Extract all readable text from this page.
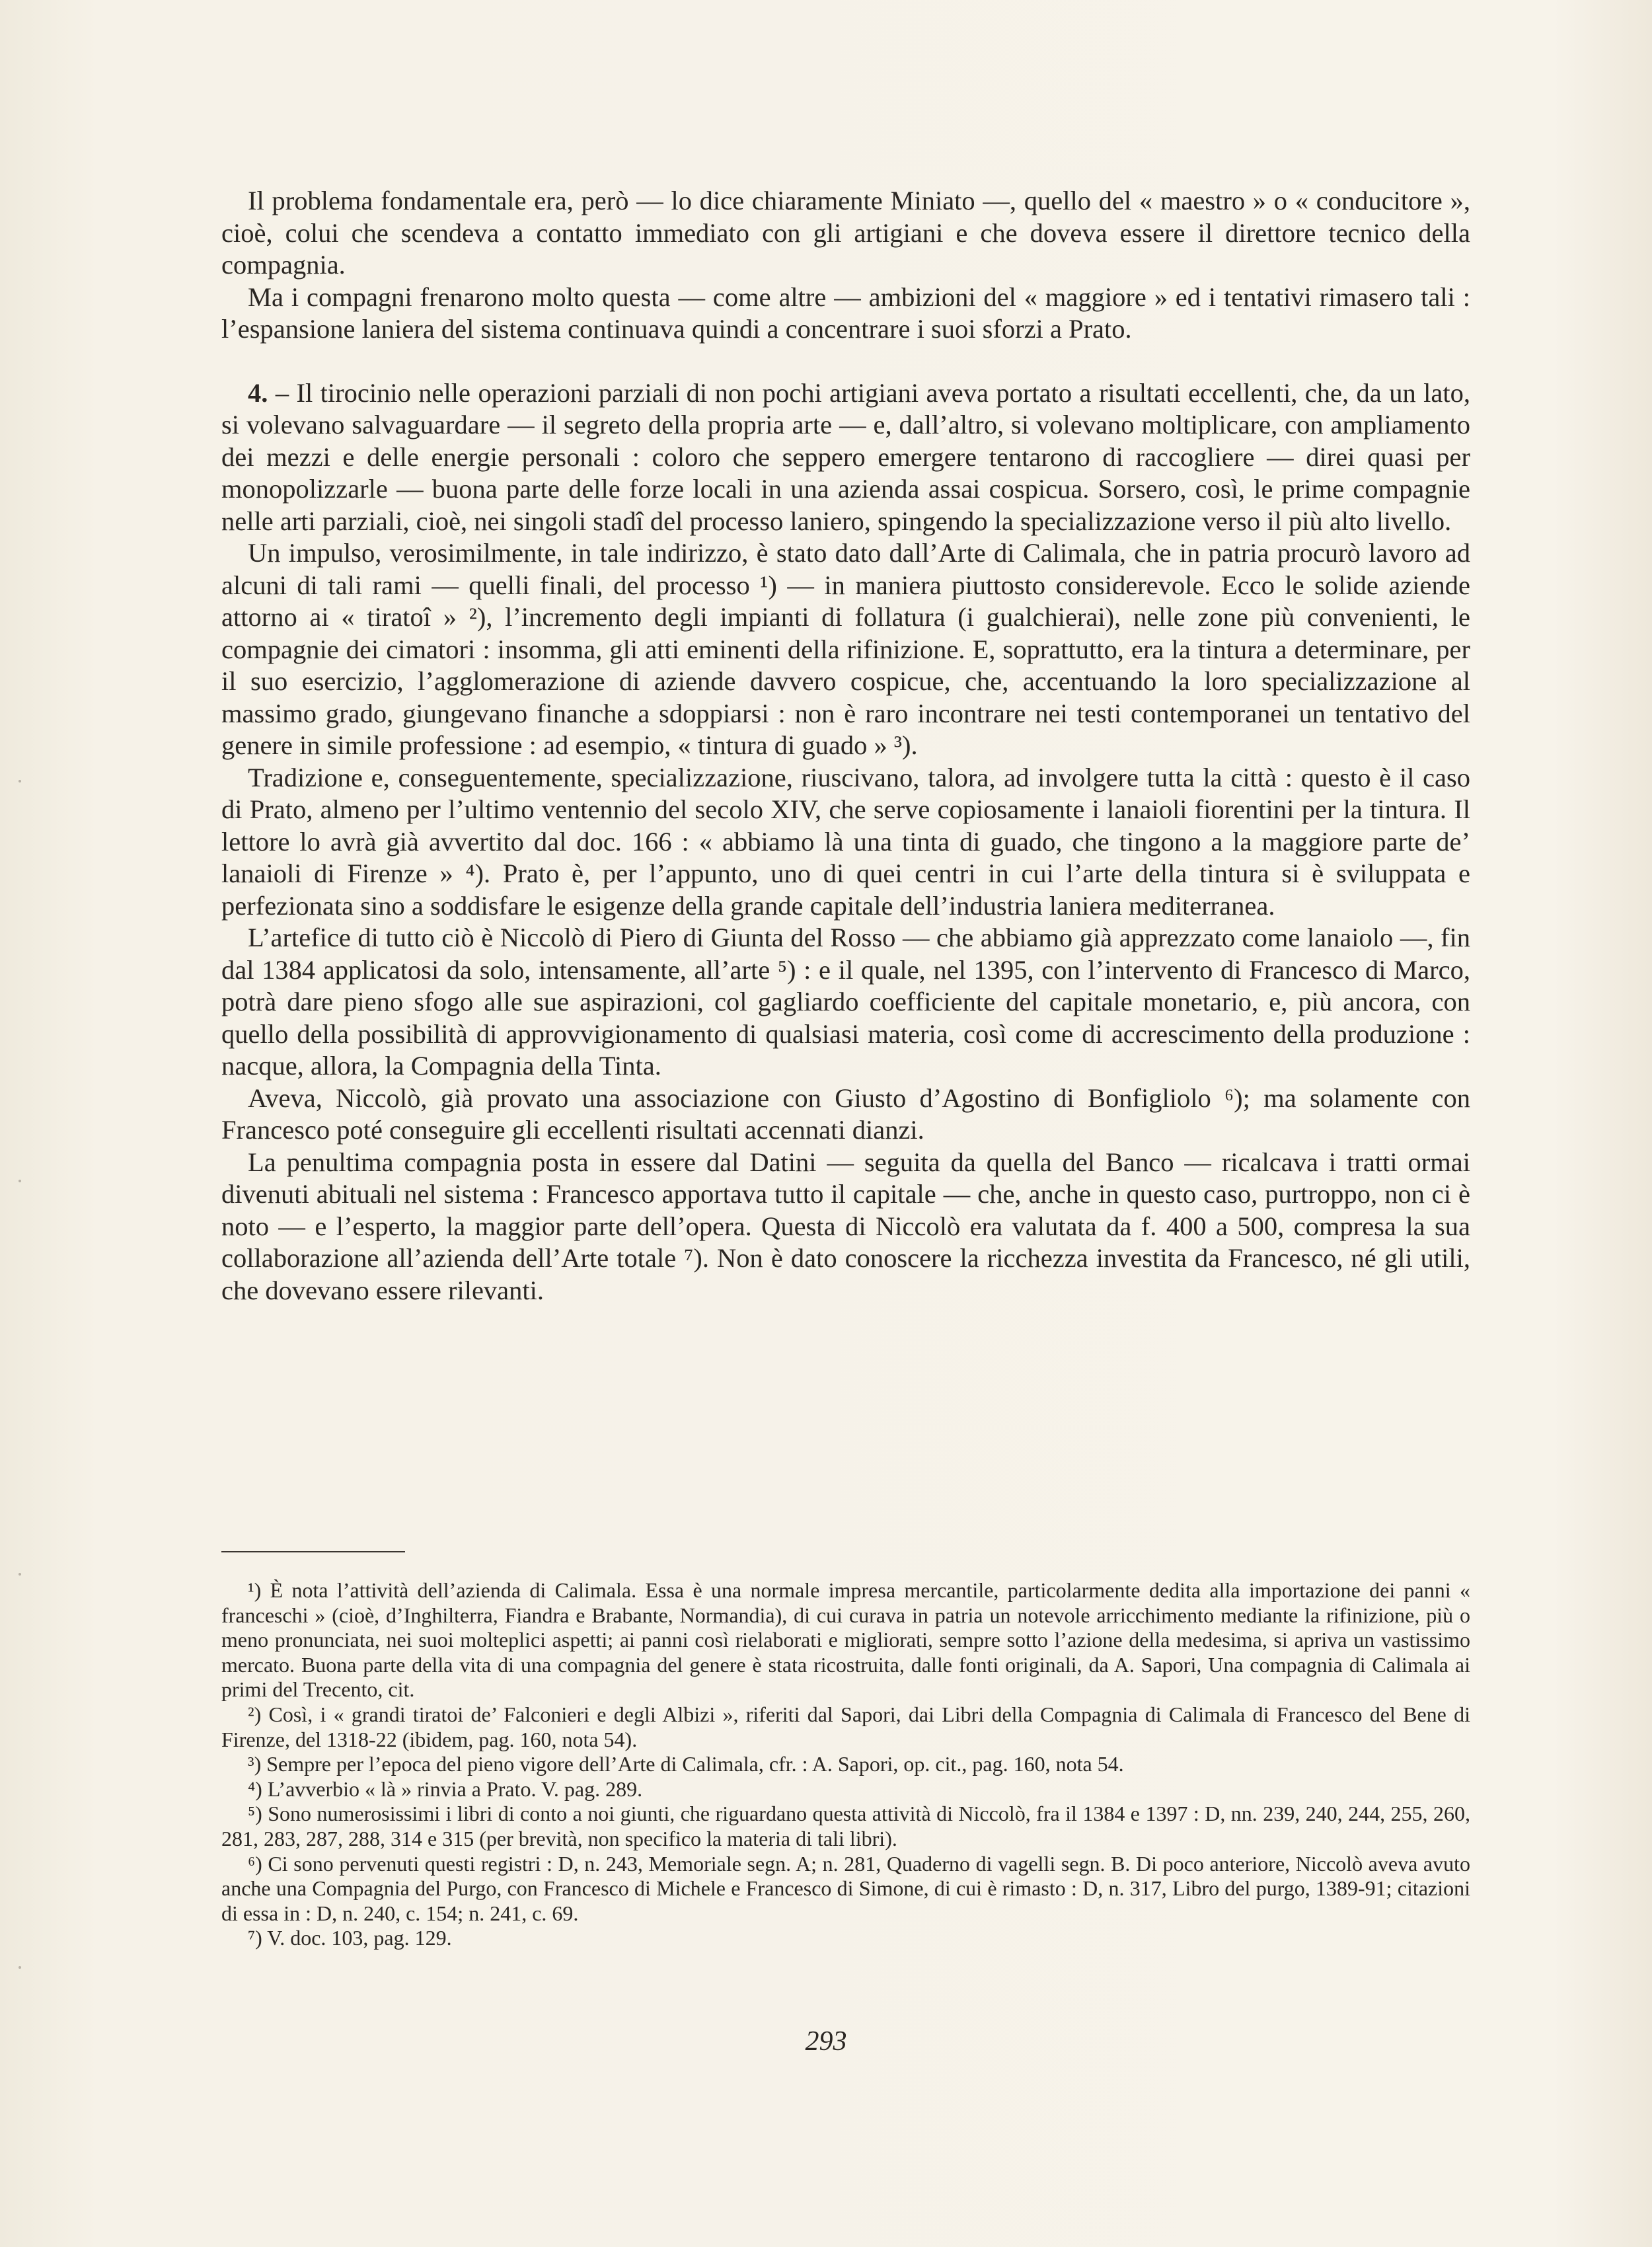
Il problema fondamentale era, però — lo dice chiaramente Miniato —, quello del « maestro » o « conducitore », cioè, colui che scendeva a contatto immediato con gli artigiani e che doveva essere il direttore tecnico della compagnia.

Ma i compagni frenarono molto questa — come altre — ambizioni del « maggiore » ed i tentativi rimasero tali : l’espansione laniera del sistema continuava quindi a concentrare i suoi sforzi a Prato.

4. – Il tirocinio nelle operazioni parziali di non pochi artigiani aveva portato a risultati eccellenti, che, da un lato, si volevano salvaguardare — il segreto della propria arte — e, dall’altro, si volevano moltiplicare, con ampliamento dei mezzi e delle energie personali : coloro che seppero emergere tentarono di raccogliere — direi quasi per monopolizzarle — buona parte delle forze locali in una azienda assai cospicua. Sorsero, così, le prime compagnie nelle arti parziali, cioè, nei singoli stadî del processo laniero, spingendo la specializzazione verso il più alto livello.

Un impulso, verosimilmente, in tale indirizzo, è stato dato dall’Arte di Calimala, che in patria procurò lavoro ad alcuni di tali rami — quelli finali, del processo ¹) — in maniera piuttosto considerevole. Ecco le solide aziende attorno ai « tiratoî » ²), l’incremento degli impianti di follatura (i gualchierai), nelle zone più convenienti, le compagnie dei cimatori : insomma, gli atti eminenti della rifinizione. E, soprattutto, era la tintura a determinare, per il suo esercizio, l’agglomerazione di aziende davvero cospicue, che, accentuando la loro specializzazione al massimo grado, giungevano finanche a sdoppiarsi : non è raro incontrare nei testi contemporanei un tentativo del genere in simile professione : ad esempio, « tintura di guado » ³).

Tradizione e, conseguentemente, specializzazione, riuscivano, talora, ad involgere tutta la città : questo è il caso di Prato, almeno per l’ultimo ventennio del secolo XIV, che serve copiosamente i lanaioli fiorentini per la tintura. Il lettore lo avrà già avvertito dal doc. 166 : « abbiamo là una tinta di guado, che tingono a la maggiore parte de’ lanaioli di Firenze » ⁴). Prato è, per l’appunto, uno di quei centri in cui l’arte della tintura si è sviluppata e perfezionata sino a soddisfare le esigenze della grande capitale dell’industria laniera mediterranea.

L’artefice di tutto ciò è Niccolò di Piero di Giunta del Rosso — che abbiamo già apprezzato come lanaiolo —, fin dal 1384 applicatosi da solo, intensamente, all’arte ⁵) : e il quale, nel 1395, con l’intervento di Francesco di Marco, potrà dare pieno sfogo alle sue aspirazioni, col gagliardo coefficiente del capitale monetario, e, più ancora, con quello della possibilità di approvvigionamento di qualsiasi materia, così come di accrescimento della produzione : nacque, allora, la Compagnia della Tinta.

Aveva, Niccolò, già provato una associazione con Giusto d’Agostino di Bonfigliolo ⁶); ma solamente con Francesco poté conseguire gli eccellenti risultati accennati dianzi.

La penultima compagnia posta in essere dal Datini — seguita da quella del Banco — ricalcava i tratti ormai divenuti abituali nel sistema : Francesco apportava tutto il capitale — che, anche in questo caso, purtroppo, non ci è noto — e l’esperto, la maggior parte dell’opera. Questa di Niccolò era valutata da f. 400 a 500, compresa la sua collaborazione all’azienda dell’Arte totale ⁷). Non è dato conoscere la ricchezza investita da Francesco, né gli utili, che dovevano essere rilevanti.

¹) È nota l’attività dell’azienda di Calimala. Essa è una normale impresa mercantile, particolarmente dedita alla importazione dei panni « franceschi » (cioè, d’Inghilterra, Fiandra e Brabante, Normandia), di cui curava in patria un notevole arricchimento mediante la rifinizione, più o meno pronunciata, nei suoi molteplici aspetti; ai panni così rielaborati e migliorati, sempre sotto l’azione della medesima, si apriva un vastissimo mercato. Buona parte della vita di una compagnia del genere è stata ricostruita, dalle fonti originali, da A. Sapori, Una compagnia di Calimala ai primi del Trecento, cit.

²) Così, i « grandi tiratoi de’ Falconieri e degli Albizi », riferiti dal Sapori, dai Libri della Compagnia di Calimala di Francesco del Bene di Firenze, del 1318-22 (ibidem, pag. 160, nota 54).

³) Sempre per l’epoca del pieno vigore dell’Arte di Calimala, cfr. : A. Sapori, op. cit., pag. 160, nota 54.

⁴) L’avverbio « là » rinvia a Prato. V. pag. 289.

⁵) Sono numerosissimi i libri di conto a noi giunti, che riguardano questa attività di Niccolò, fra il 1384 e 1397 : D, nn. 239, 240, 244, 255, 260, 281, 283, 287, 288, 314 e 315 (per brevità, non specifico la materia di tali libri).

⁶) Ci sono pervenuti questi registri : D, n. 243, Memoriale segn. A; n. 281, Quaderno di vagelli segn. B. Di poco anteriore, Niccolò aveva avuto anche una Compagnia del Purgo, con Francesco di Michele e Francesco di Simone, di cui è rimasto : D, n. 317, Libro del purgo, 1389-91; citazioni di essa in : D, n. 240, c. 154; n. 241, c. 69.

⁷) V. doc. 103, pag. 129.

293
